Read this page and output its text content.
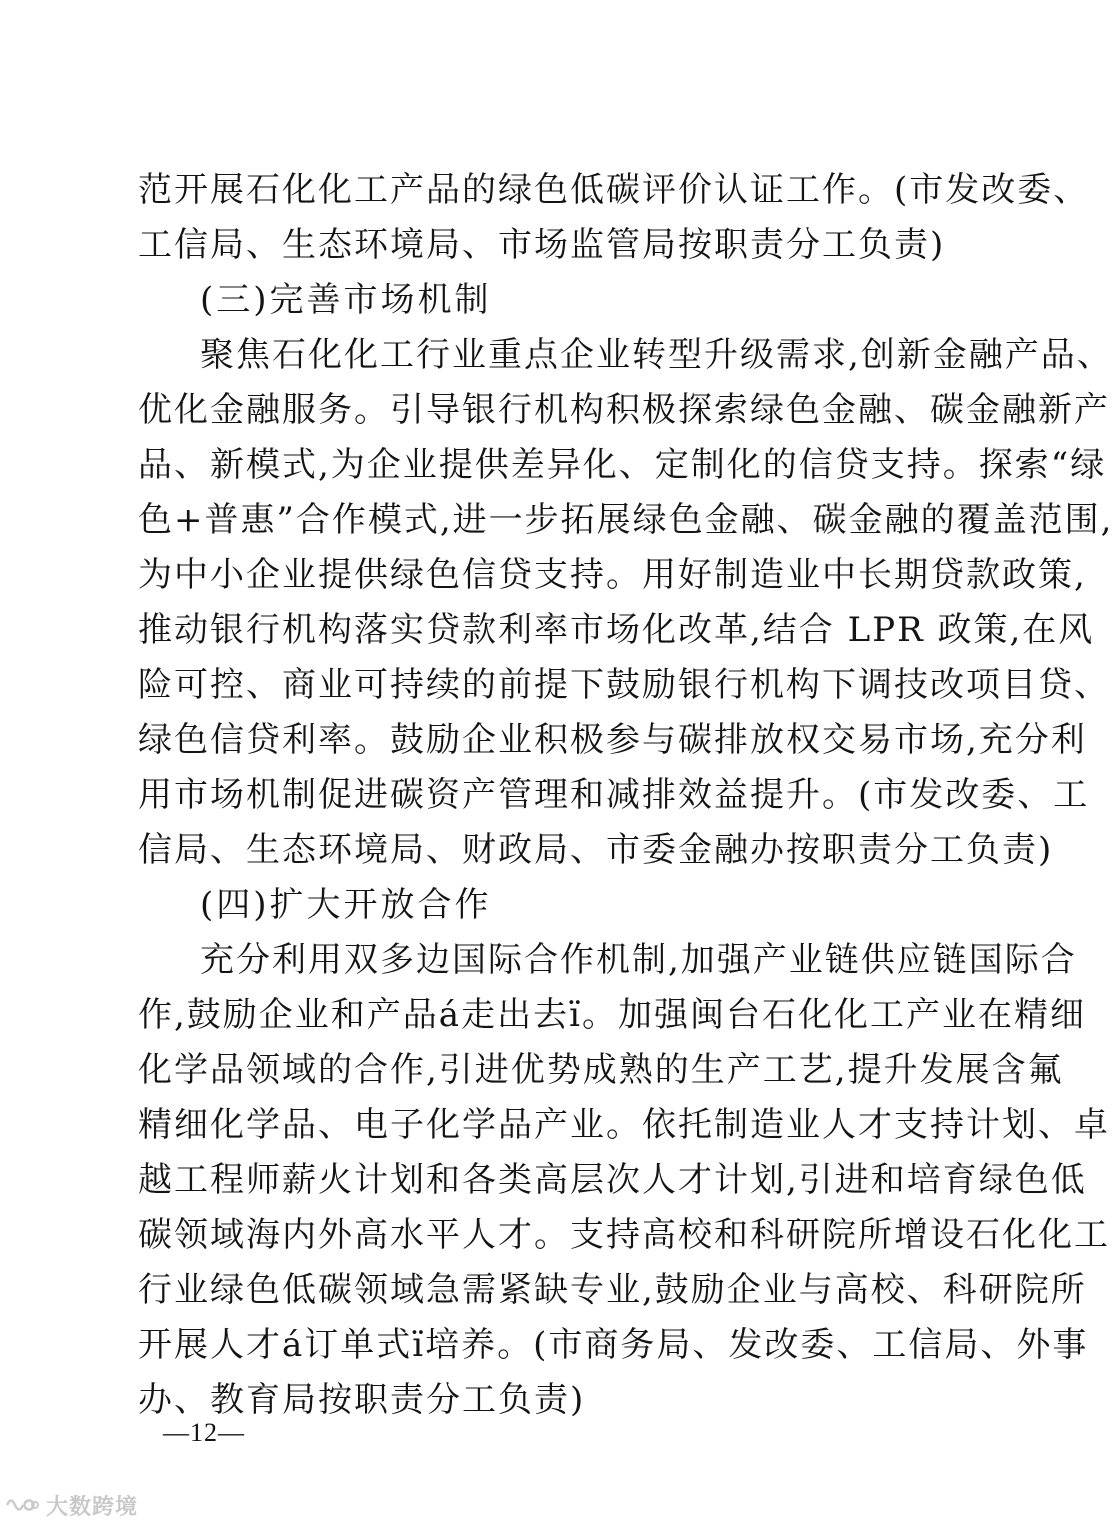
范开展石化化工产品的绿色低碳评价认证工作。(市发改委、
工信局、生态环境局、市场监管局按职责分工负责)
(三)完善市场机制
聚焦石化化工行业重点企业转型升级需求,创新金融产品、
优化金融服务。引导银行机构积极探索绿色金融、碳金融新产
品、新模式,为企业提供差异化、定制化的信贷支持。探索“绿
色+普惠”合作模式,进一步拓展绿色金融、碳金融的覆盖范围,
为中小企业提供绿色信贷支持。用好制造业中长期贷款政策,
推动银行机构落实贷款利率市场化改革,结合 LPR 政策,在风
险可控、商业可持续的前提下鼓励银行机构下调技改项目贷、
绿色信贷利率。鼓励企业积极参与碳排放权交易市场,充分利
用市场机制促进碳资产管理和减排效益提升。(市发改委、工
信局、生态环境局、财政局、市委金融办按职责分工负责)
(四)扩大开放合作
充分利用双多边国际合作机制,加强产业链供应链国际合
作,鼓励企业和产品á走出去ï。加强闽台石化化工产业在精细
化学品领域的合作,引进优势成熟的生产工艺,提升发展含氟
精细化学品、电子化学品产业。依托制造业人才支持计划、卓
越工程师薪火计划和各类高层次人才计划,引进和培育绿色低
碳领域海内外高水平人才。支持高校和科研院所增设石化化工
行业绿色低碳领域急需紧缺专业,鼓励企业与高校、科研院所
开展人才á订单式ï培养。(市商务局、发改委、工信局、外事
办、教育局按职责分工负责)
—12—
大数跨境
